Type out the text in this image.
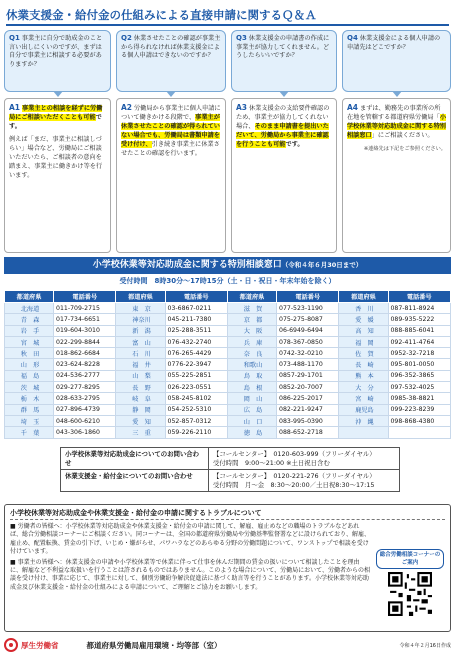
休業支援金・給付金の仕組みによる直接申請に関するＱ＆Ａ
Q1 事業主に自分で助成金のこと言い出しにくいのですが、まずは自分で事業主に相談する必要がありますか？
Q2 休業させたことの確認が事業主から得られなければ休業支援金による個人申請はできないのですか？
Q3 休業支援金の申請書の作成に事業主が協力してくれません。どうしたらいいですか？
Q4 休業支援金による個人申請の申請先はどこですか？
A1 事業主との相談を経ずに労働局にご相談いただくことも可能です。
例えば「まだ、事業主に相談しづらい」場合など、労働局にご相談いただいたら、ご相談者の意向を踏まえ、事業主に働きかけ等を行います。
A2 労働局から事業主に個人申請について働きかける段階で、事業主が休業させたことの確認が得られていない場合でも、労働局は書類申請を受け付け、引き続き事業主に休業させたことの確認を行います。
A3 休業支援金の支給要件確認のため、事業主が協力してくれない場合、そのまま申請書を提出いただいて、労働局から事業主に確認を行うことも可能です。
A4 まずは、勤務先の事業所の所在地を管轄する都道府県労働局「小学校休業等対応助成金に関する特別相談窓口」にご相談ください。
※連絡先は下記をご参照ください。
小学校休業等対応助成金に関する特別相談窓口（令和４年６月30日まで）
受付時間　8時30分～17時15分（土・日・祝日・年末年始を除く）
都道府県	電話番号	都道府県	電話番号	都道府県	電話番号	都道府県	電話番号
北海道	011-709-2715	東　京	03-6867-0211	滋　賀	077-523-1190	香　川	087-811-8924
青　森	017-734-6651	神奈川	045-211-7380	京　都	075-275-8087	愛　媛	089-935-5222
岩　手	019-604-3010	新　潟	025-288-3511	大　阪	06-6949-6494	高　知	088-885-6041
宮　城	022-299-8844	富　山	076-432-2740	兵　庫	078-367-0850	福　岡	092-411-4764
秋　田	018-862-6684	石　川	076-265-4429	奈　良	0742-32-0210	佐　賀	0952-32-7218
山　形	023-624-8228	福　井	0776-22-3947	和歌山	073-488-1170	長　崎	095-801-0050
福　島	024-536-2777	山　梨	055-225-2851	鳥　取	0857-29-1701	熊　本	096-352-3865
茨　城	029-277-8295	長　野	026-223-0551	島　根	0852-20-7007	大　分	097-532-4025
栃　木	028-633-2795	岐　阜	058-245-8102	岡　山	086-225-2017	宮　崎	0985-38-8821
群　馬	027-896-4739	静　岡	054-252-5310	広　島	082-221-9247	鹿児島	099-223-8239
埼　玉	048-600-6210	愛　知	052-857-0312	山　口	083-995-0390	沖　縄	098-868-4380
千　葉	043-306-1860	三　重	059-226-2110	徳　島	088-652-2718		
小学校休業等対応助成金についてのお問い合わせ
【コールセンター】　0120-603-999（フリーダイヤル）
受付時間　9:00～21:00 ※土日祝日含む
休業支援金・給付金についてのお問い合わせ	【コールセンター】　0120-221-276（フリーダイヤル）
受付時間　月～金　8:30～20:00／土日祝8:30～17:15
小学校休業等対応助成金や休業支援金・給付金の申請に関するトラブルについて
■ 労働者の皆様へ：小学校休業等対応助成金や休業支援金・給付金の申請に関して、解雇、雇止めなどの職場のトラブルなどあれば、総合労働相談コーナーにご相談ください。同コーナーは、全国の都道府県労働局や労働基準監督署などに設けられており、解雇、雇止め、配置転換、賃金の引下げ、いじめ・嫌がらせ、パワハラなどのあらゆる分野の労働問題について、ワンストップで相談を受け付けています。
■ 事業主の皆様へ：休業支援金の申請や小学校休業等で休業に伴って仕事を休んだ期間の賃金の扱いについて相談したことを理由に、解雇など不利益な取扱いを行うことは許されるものではありません。このような場合について、労働局において、労働者からの相談を受け付け、事業に応じて、事業主に対して、個別労働紛争解決促進法に基づく助言等を行うことがあります。小学校休業等対応助成金及び休業支援金・給付金の仕組みによる申請について、ご理解とご協力をお願いします。
総合労働相談コーナーのご案内
厚生労働省	都道府県労働局雇用環境・均等部（室）	令和４年２月16日作成
